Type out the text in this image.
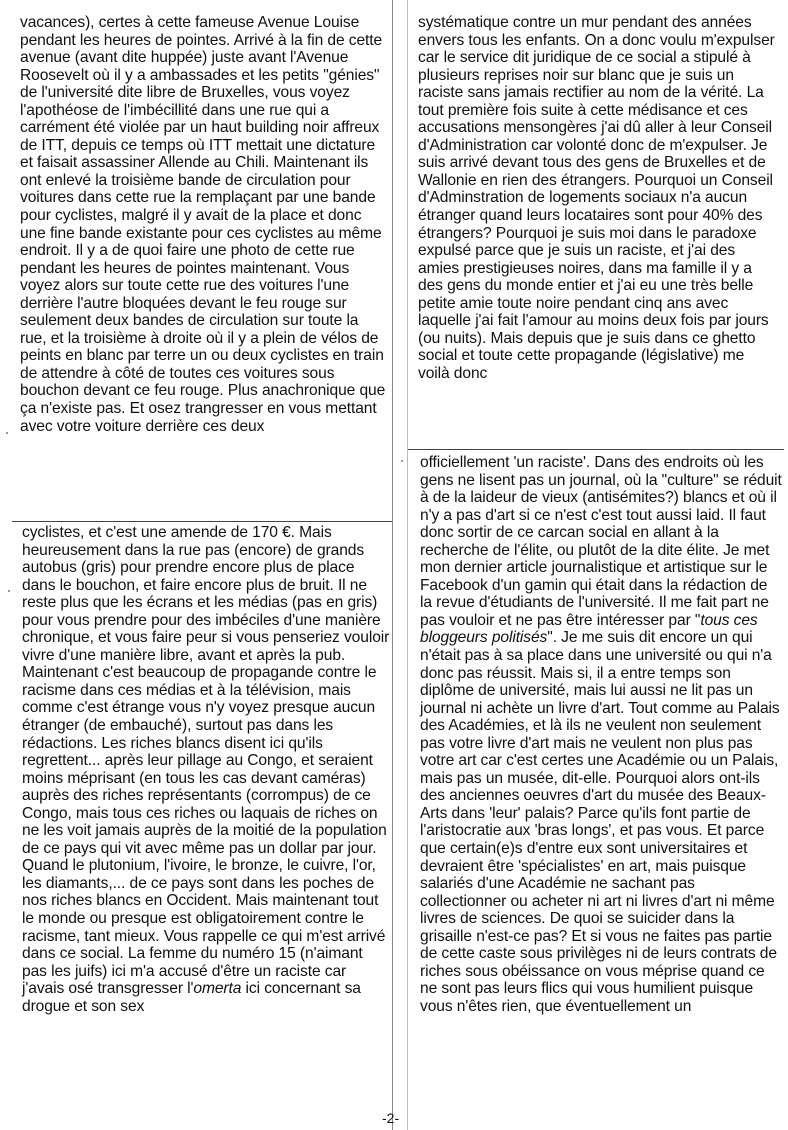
vacances), certes à cette fameuse Avenue Louise pendant les heures de pointes. Arrivé à la fin de cette avenue (avant dite huppée) juste avant l'Avenue Roosevelt où il y a ambassades et les petits "génies" de l'université dite libre de Bruxelles, vous voyez l'apothéose de l'imbécillité dans une rue qui a carrément été violée par un haut building noir affreux de ITT, depuis ce temps où ITT mettait une dictature et faisait assassiner Allende au Chili. Maintenant ils ont enlevé la troisième bande de circulation pour voitures dans cette rue la remplaçant par une bande pour cyclistes, malgré il y avait de la place et donc une fine bande existante pour ces cyclistes au même endroit. Il y a de quoi faire une photo de cette rue pendant les heures de pointes maintenant. Vous voyez alors sur toute cette rue des voitures l'une derrière l'autre bloquées devant le feu rouge sur seulement deux bandes de circulation sur toute la rue, et la troisième à droite où il y a plein de vélos de peints en blanc par terre un ou deux cyclistes en train de attendre à côté de toutes ces voitures sous bouchon devant ce feu rouge. Plus anachronique que ça n'existe pas. Et osez trangresser en vous mettant avec votre voiture derrière ces deux

cyclistes, et c'est une amende de 170 €. Mais heureusement dans la rue pas (encore) de grands autobus (gris) pour prendre encore plus de place dans le bouchon, et faire encore plus de bruit. Il ne reste plus que les écrans et les médias (pas en gris) pour vous prendre pour des imbéciles d'une manière chronique, et vous faire peur si vous penseriez vouloir vivre d'une manière libre, avant et après la pub. Maintenant c'est beaucoup de propagande contre le racisme dans ces médias et à la télévision, mais comme c'est étrange vous n'y voyez presque aucun étranger (de embauché), surtout pas dans les rédactions. Les riches blancs disent ici qu'ils regrettent... après leur pillage au Congo, et seraient moins méprisant (en tous les cas devant caméras) auprès des riches représentants (corrompus) de ce Congo, mais tous ces riches ou laquais de riches on ne les voit jamais auprès de la moitié de la population de ce pays qui vit avec même pas un dollar par jour. Quand le plutonium, l'ivoire, le bronze, le cuivre, l'or, les diamants,... de ce pays sont dans les poches de nos riches blancs en Occident. Mais maintenant tout le monde ou presque est obligatoirement contre le racisme, tant mieux. Vous rappelle ce qui m'est arrivé dans ce social. La femme du numéro 15 (n'aimant pas les juifs) ici m'a accusé d'être un raciste car j'avais osé transgresser l'omerta ici concernant sa drogue et son sex

systématique contre un mur pendant des années envers tous les enfants. On a donc voulu m'expulser car le service dit juridique de ce social a stipulé à plusieurs reprises noir sur blanc que je suis un raciste sans jamais rectifier au nom de la vérité. La tout première fois suite à cette médisance et ces accusations mensongères j'ai dû aller à leur Conseil d'Administration car volonté donc de m'expulser. Je suis arrivé devant tous des gens de Bruxelles et de Wallonie en rien des étrangers. Pourquoi un Conseil d'Adminstration de logements sociaux n'a aucun étranger quand leurs locataires sont pour 40% des étrangers? Pourquoi je suis moi dans le paradoxe expulsé parce que je suis un raciste, et j'ai des amies prestigieuses noires, dans ma famille il y a des gens du monde entier et j'ai eu une très belle petite amie toute noire pendant cinq ans avec laquelle j'ai fait l'amour au moins deux fois par jours (ou nuits). Mais depuis que je suis dans ce ghetto social et toute cette propagande (législative) me voilà donc

officiellement 'un raciste'. Dans des endroits où les gens ne lisent pas un journal, où la "culture" se réduit à de la laideur de vieux (antisémites?) blancs et où il n'y a pas d'art si ce n'est c'est tout aussi laid. Il faut donc sortir de ce carcan social en allant à la recherche de l'élite, ou plutôt de la dite élite. Je met mon dernier article journalistique et artistique sur le Facebook d'un gamin qui était dans la rédaction de la revue d'étudiants de l'université. Il me fait part ne pas vouloir et ne pas être intéresser par "tous ces bloggeurs politisés". Je me suis dit encore un qui n'était pas à sa place dans une université ou qui n'a donc pas réussit. Mais si, il a entre temps son diplôme de université, mais lui aussi ne lit pas un journal ni achète un livre d'art. Tout comme au Palais des Académies, et là ils ne veulent non seulement pas votre livre d'art mais ne veulent non plus pas votre art car c'est certes une Académie ou un Palais, mais pas un musée, dit-elle. Pourquoi alors ont-ils des anciennes oeuvres d'art du musée des Beaux-Arts dans 'leur' palais? Parce qu'ils font partie de l'aristocratie aux 'bras longs', et pas vous. Et parce que certain(e)s d'entre eux sont universitaires et devraient être 'spécialistes' en art, mais puisque salariés d'une Académie ne sachant pas collectionner ou acheter ni art ni livres d'art ni même livres de sciences. De quoi se suicider dans la grisaille n'est-ce pas? Et si vous ne faites pas partie de cette caste sous privilèges ni de leurs contrats de riches sous obéissance on vous méprise quand ce ne sont pas leurs flics qui vous humilient puisque vous n'êtes rien, que éventuellement un

-2-
